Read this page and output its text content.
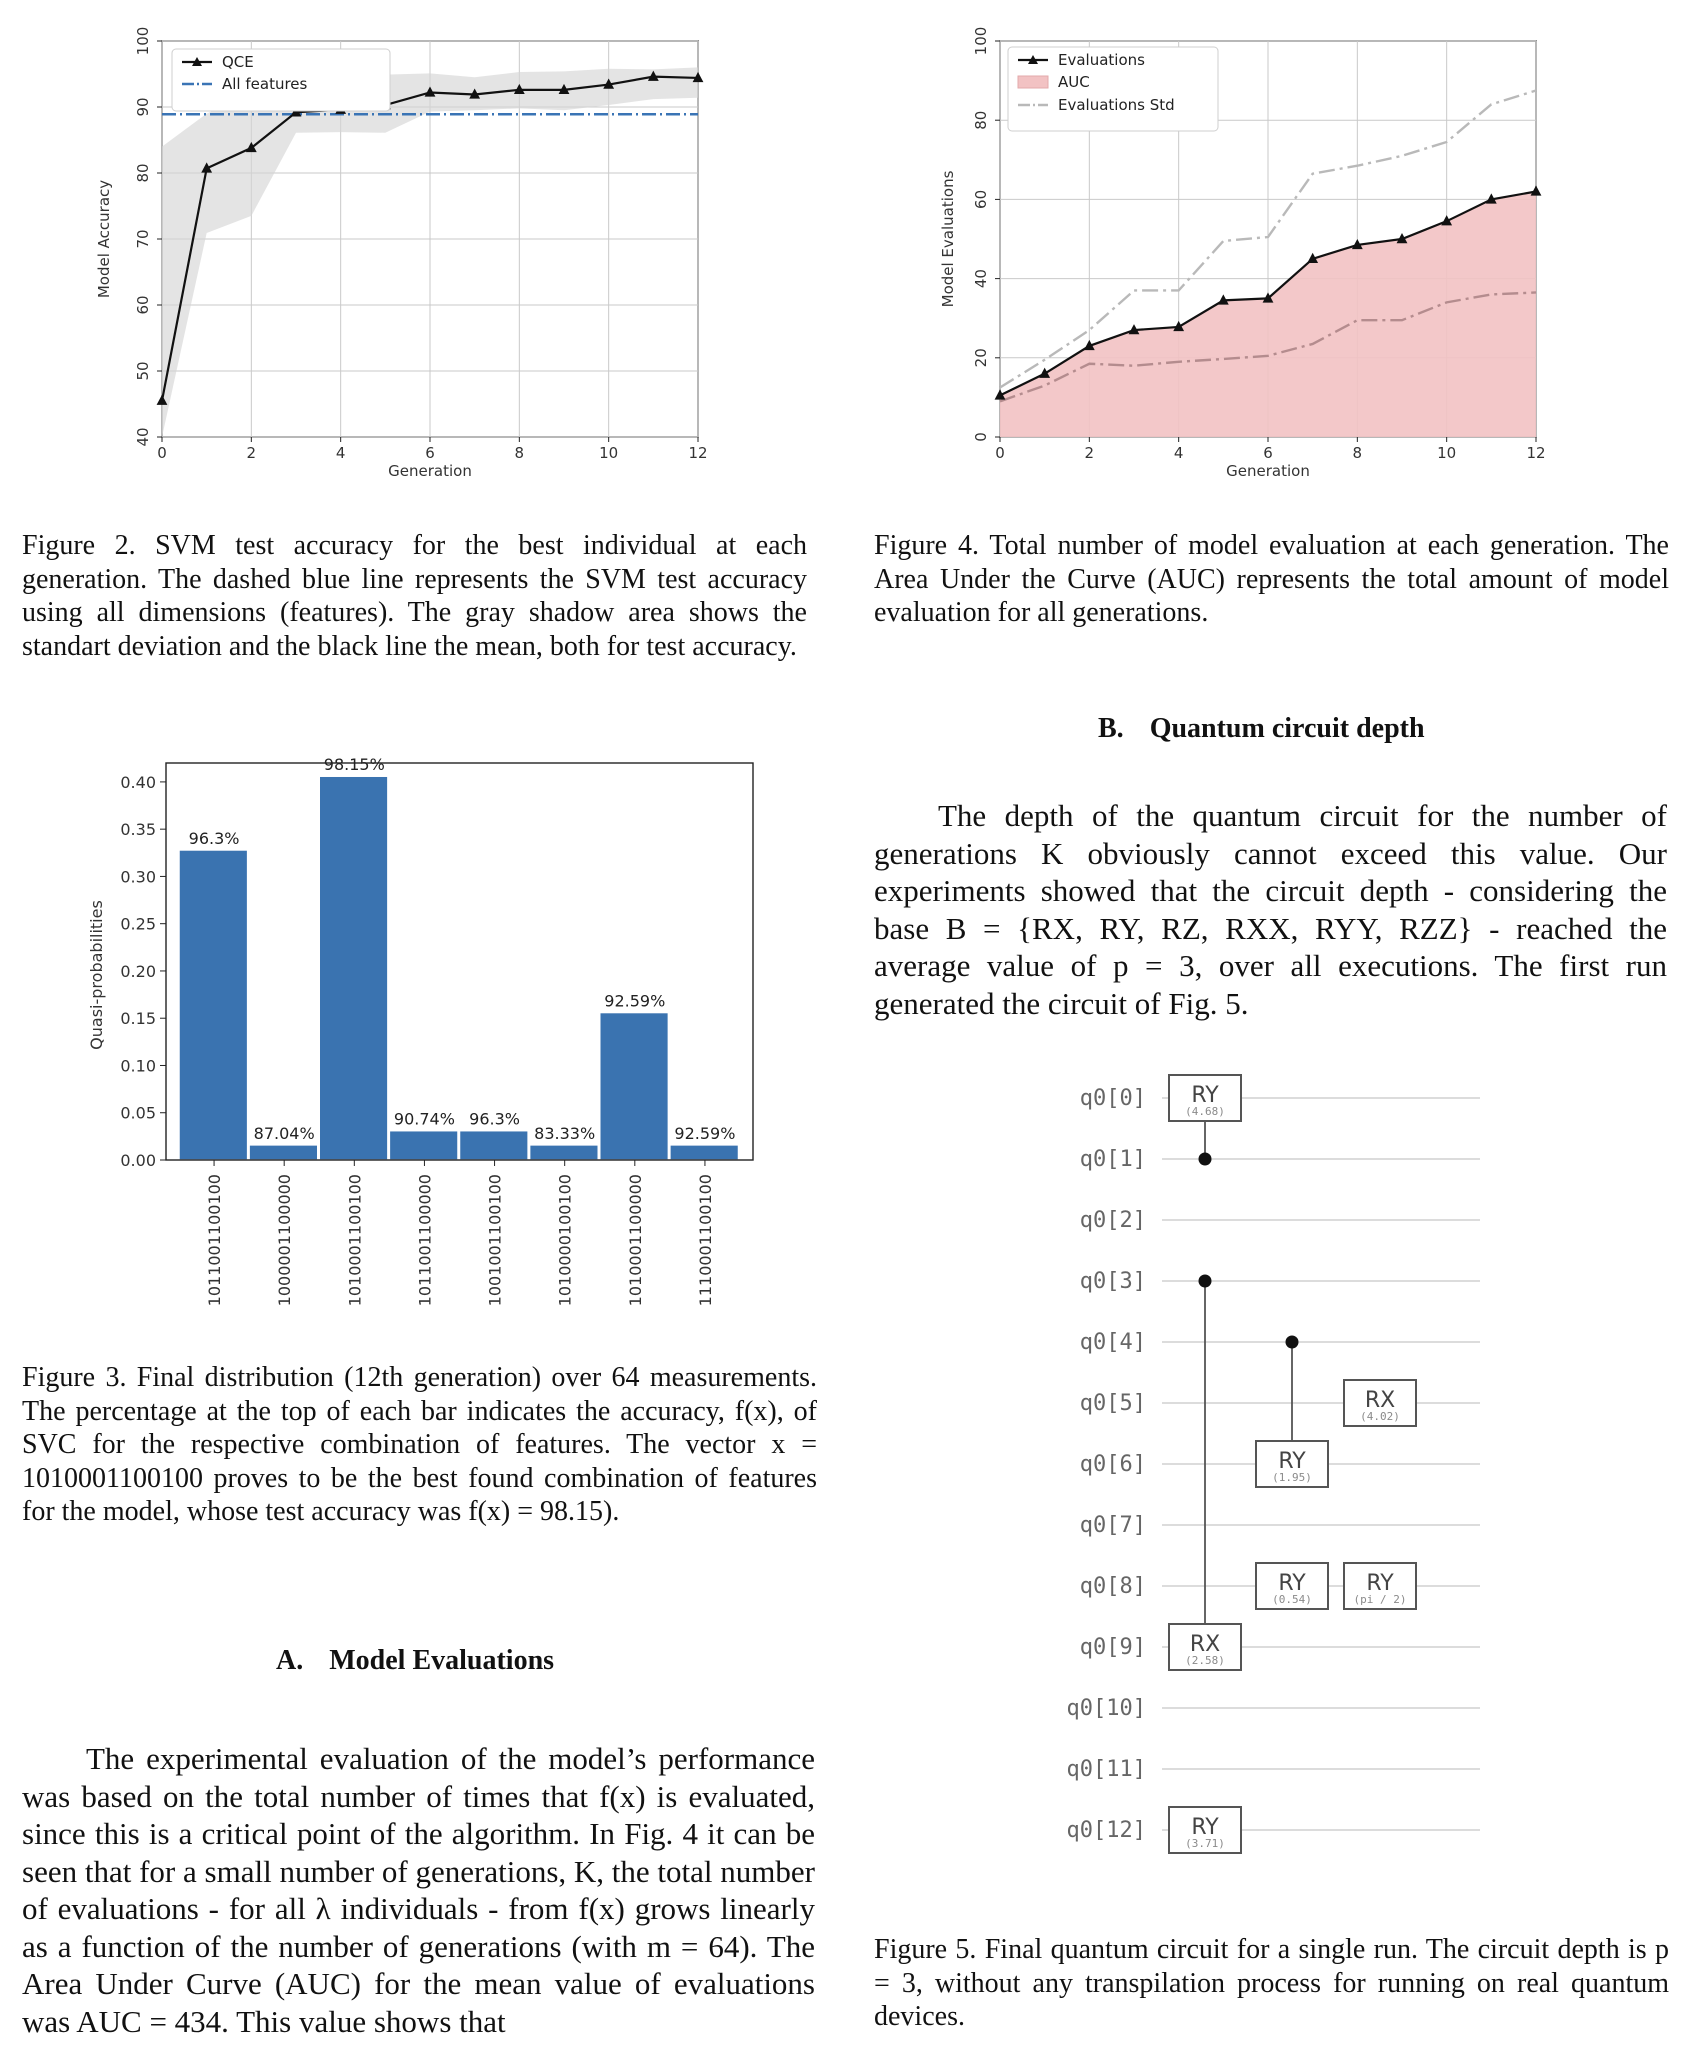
0	2	4	6	8	10	12
40
50
60
70
80
90
100
Generation
Model Accuracy
QCE
All features
Figure 2. SVM test accuracy for the best individual at each generation. The dashed blue line represents the SVM test accuracy using all dimensions (features). The gray shadow area shows the standart deviation and the black line the mean, both for test accuracy.
0	2	4	6	8	10	12
0
20
40
60
80
100
Generation
Model Evaluations
Evaluations
AUC
Evaluations Std
Figure 4. Total number of model evaluation at each generation. The Area Under the Curve (AUC) represents the total amount of model evaluation for all generations.
B. Quantum circuit depth
0.00
0.05
0.10
0.15
0.20
0.25
0.30
0.35
0.40
96.3%
87.04%
98.15%
90.74% 96.3%
83.33%
92.59%
92.59%
1011001100100	1000001100000	1010001100100	1011001100000	1001001100100	1010000100100	1010001100000	1110001100100
Quasi-probabilities
Figure 3. Final distribution (12th generation) over 64 measurements. The percentage at the top of each bar indicates the accuracy, f(x), of SVC for the respective combination of features. The vector x = 1010001100100 proves to be the best found combination of features for the model, whose test accuracy was f(x) = 98.15).
A. Model Evaluations
The experimental evaluation of the model’s performance was based on the total number of times that f(x) is evaluated, since this is a critical point of the algorithm. In Fig. 4 it can be seen that for a small number of generations, K, the total number of evaluations - for all λ individuals - from f(x) grows linearly as a function of the number of generations (with m = 64). The Area Under Curve (AUC) for the mean value of evaluations was AUC = 434. This value shows that
The depth of the quantum circuit for the number of generations K obviously cannot exceed this value. Our experiments showed that the circuit depth - considering the base B = {RX, RY, RZ, RXX, RYY, RZZ} - reached the average value of p = 3, over all executions. The first run generated the circuit of Fig. 5.
q0[0]
q0[1]
q0[2]
q0[3]
q0[4]
q0[5]
q0[6]
q0[7]
q0[8]
q0[9]
q0[10]
q0[11]
q0[12]
RY
(4.68)
RX
(2.58)
RY
(3.71)
RY
(1.95)
RY
(0.54)
RX
(4.02)
RY
(pi / 2)
Figure 5. Final quantum circuit for a single run. The circuit depth is p = 3, without any transpilation process for running on real quantum devices.
